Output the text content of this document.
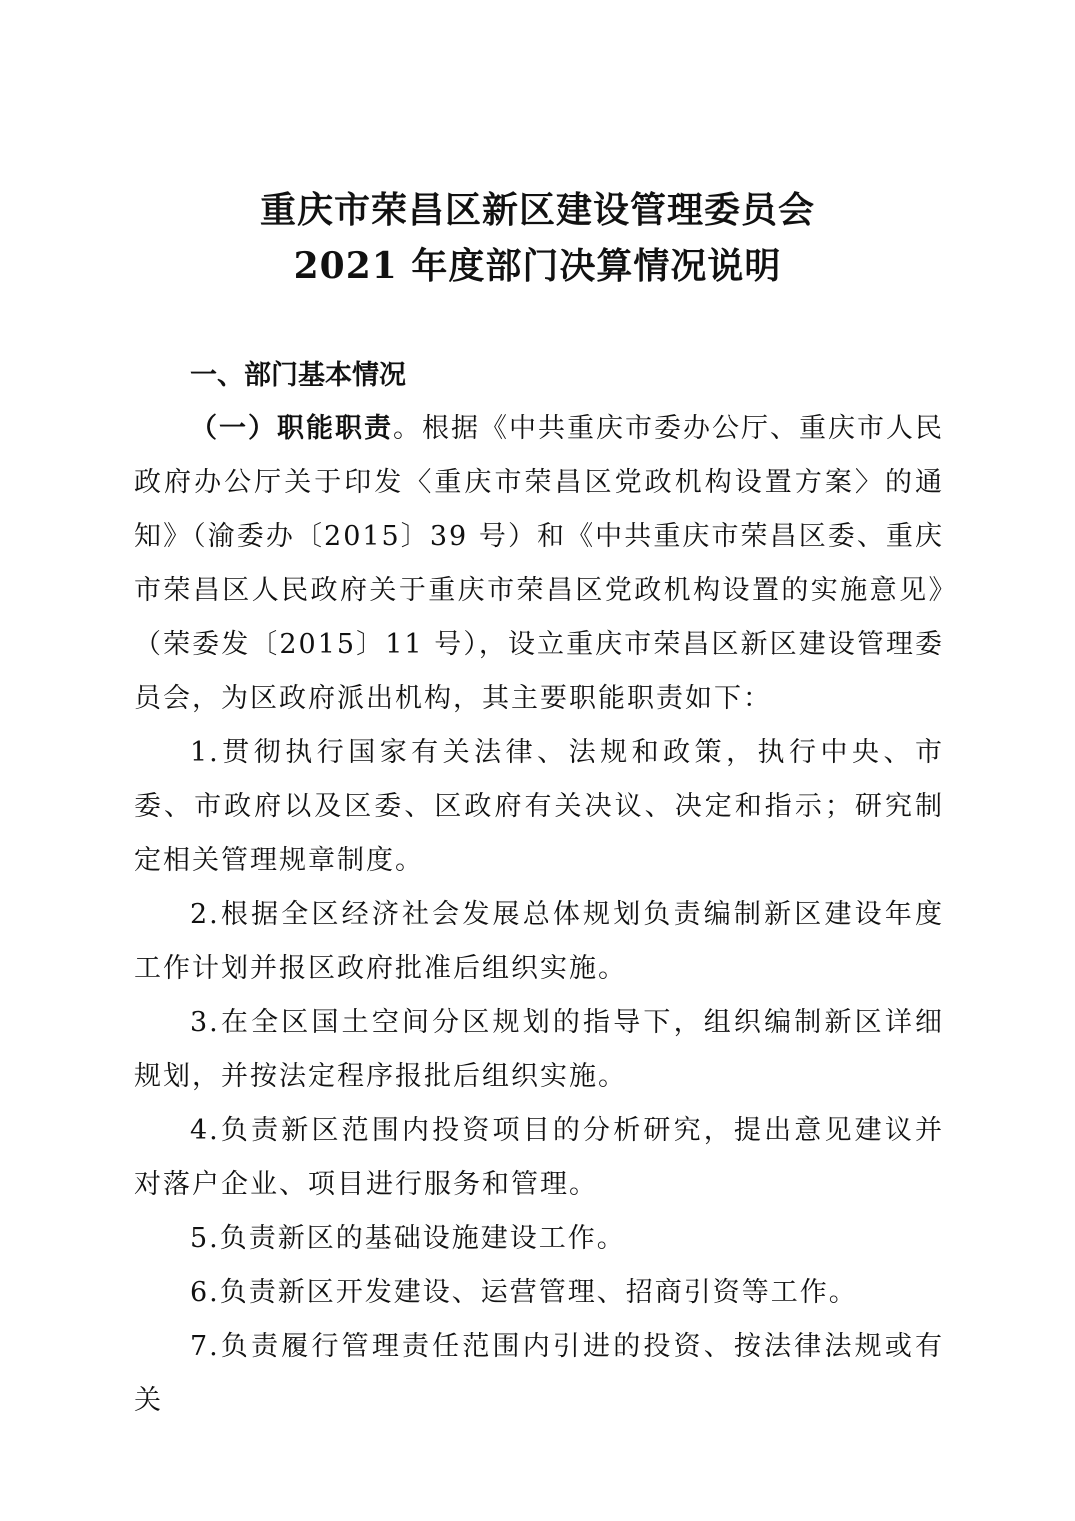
重庆市荣昌区新区建设管理委员会
2021 年度部门决算情况说明
一、部门基本情况

（一）职能职责。根据《中共重庆市委办公厅、重庆市人民政府办公厅关于印发〈重庆市荣昌区党政机构设置方案〉的通知》（渝委办〔2015〕39 号）和《中共重庆市荣昌区委、重庆市荣昌区人民政府关于重庆市荣昌区党政机构设置的实施意见》（荣委发〔2015〕11 号），设立重庆市荣昌区新区建设管理委员会，为区政府派出机构，其主要职能职责如下：

1.贯彻执行国家有关法律、法规和政策，执行中央、市委、市政府以及区委、区政府有关决议、决定和指示；研究制定相关管理规章制度。

2.根据全区经济社会发展总体规划负责编制新区建设年度工作计划并报区政府批准后组织实施。

3.在全区国土空间分区规划的指导下，组织编制新区详细规划，并按法定程序报批后组织实施。

4.负责新区范围内投资项目的分析研究，提出意见建议并对落户企业、项目进行服务和管理。

5.负责新区的基础设施建设工作。

6.负责新区开发建设、运营管理、招商引资等工作。

7.负责履行管理责任范围内引进的投资、按法律法规或有关
